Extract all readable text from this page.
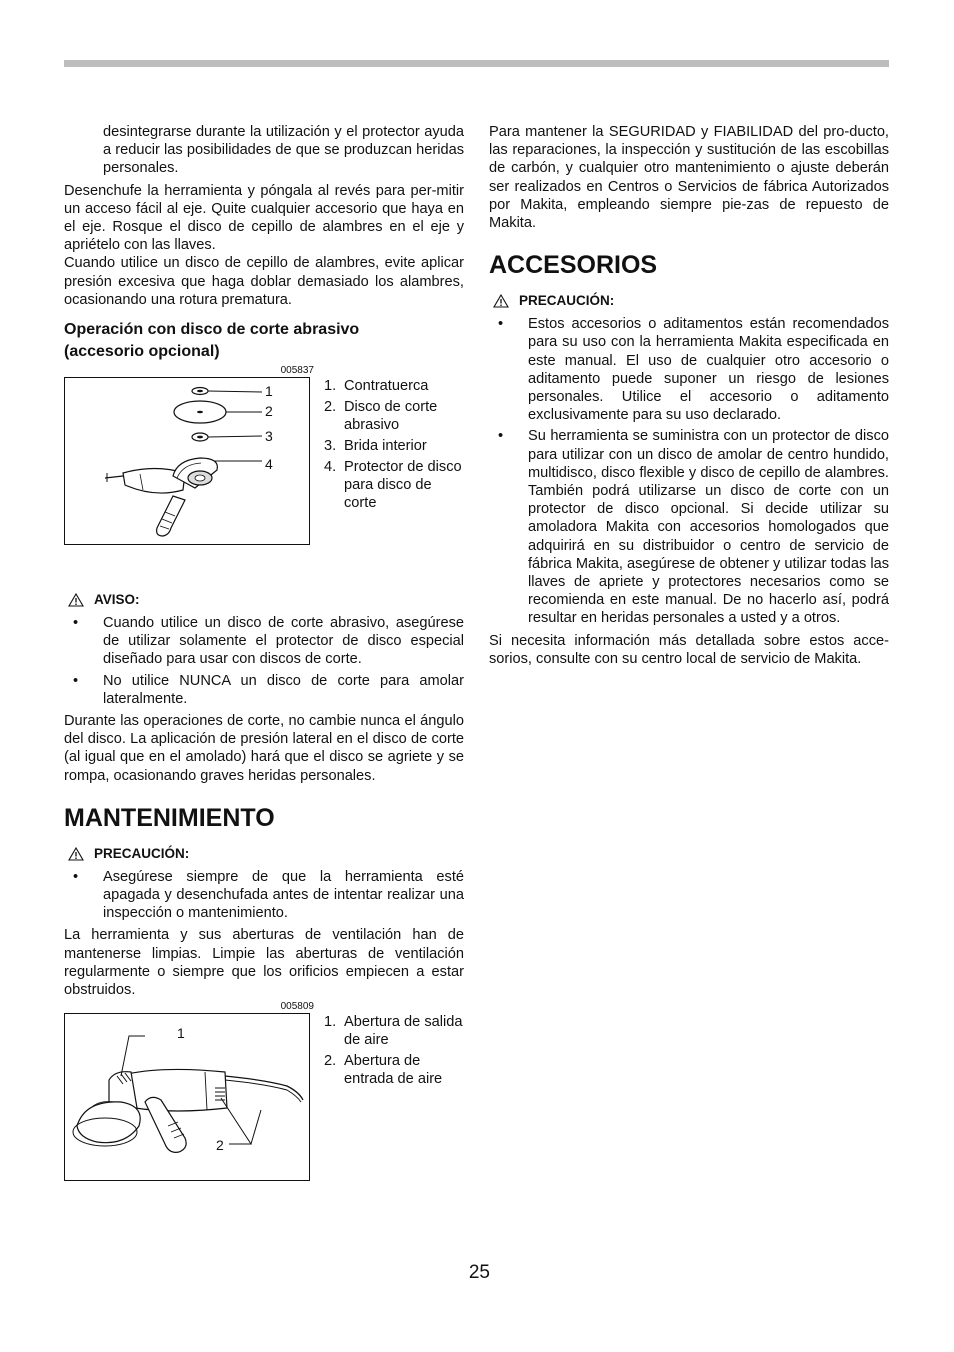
desintegrarse durante la utilización y el protector ayuda a reducir las posibilidades de que se produzcan heridas personales.

Desenchufe la herramienta y póngala al revés para per-mitir un acceso fácil al eje. Quite cualquier accesorio que haya en el eje. Rosque el disco de cepillo de alambres en el eje y apriételo con las llaves.

Cuando utilice un disco de cepillo de alambres, evite aplicar presión excesiva que haga doblar demasiado los alambres, ocasionando una rotura prematura.

Operación con disco de corte abrasivo
(accesorio opcional)
005837
1
2
3
4
1. Contratuerca
2. Disco de corte abrasivo
3. Brida interior
4. Protector de disco para disco de corte
AVISO:
• Cuando utilice un disco de corte abrasivo, asegúrese de utilizar solamente el protector de disco especial diseñado para usar con discos de corte.
• No utilice NUNCA un disco de corte para amolar lateralmente.

Durante las operaciones de corte, no cambie nunca el ángulo del disco. La aplicación de presión lateral en el disco de corte (al igual que en el amolado) hará que el disco se agriete y se rompa, ocasionando graves heridas personales.

MANTENIMIENTO
PRECAUCIÓN:
• Asegúrese siempre de que la herramienta esté apagada y desenchufada antes de intentar realizar una inspección o mantenimiento.

La herramienta y sus aberturas de ventilación han de mantenerse limpias. Limpie las aberturas de ventilación regularmente o siempre que los orificios empiecen a estar obstruidos.

005809
1
2
1. Abertura de salida de aire
2. Abertura de entrada de aire

Para mantener la SEGURIDAD y FIABILIDAD del pro-ducto, las reparaciones, la inspección y sustitución de las escobillas de carbón, y cualquier otro mantenimiento o ajuste deberán ser realizados en Centros o Servicios de fábrica Autorizados por Makita, empleando siempre pie-zas de repuesto de Makita.

ACCESORIOS
PRECAUCIÓN:
• Estos accesorios o aditamentos están recomendados para su uso con la herramienta Makita especificada en este manual. El uso de cualquier otro accesorio o aditamento puede suponer un riesgo de lesiones personales. Utilice el accesorio o aditamento exclusivamente para su uso declarado.
• Su herramienta se suministra con un protector de disco para utilizar con un disco de amolar de centro hundido, multidisco, disco flexible y disco de cepillo de alambres. También podrá utilizarse un disco de corte con un protector de disco opcional. Si decide utilizar su amoladora Makita con accesorios homologados que adquirirá en su distribuidor o centro de servicio de fábrica Makita, asegúrese de obtener y utilizar todas las llaves de apriete y protectores necesarios como se recomienda en este manual. De no hacerlo así, podrá resultar en heridas personales a usted y a otros.

Si necesita información más detallada sobre estos acce-sorios, consulte con su centro local de servicio de Makita.

25
